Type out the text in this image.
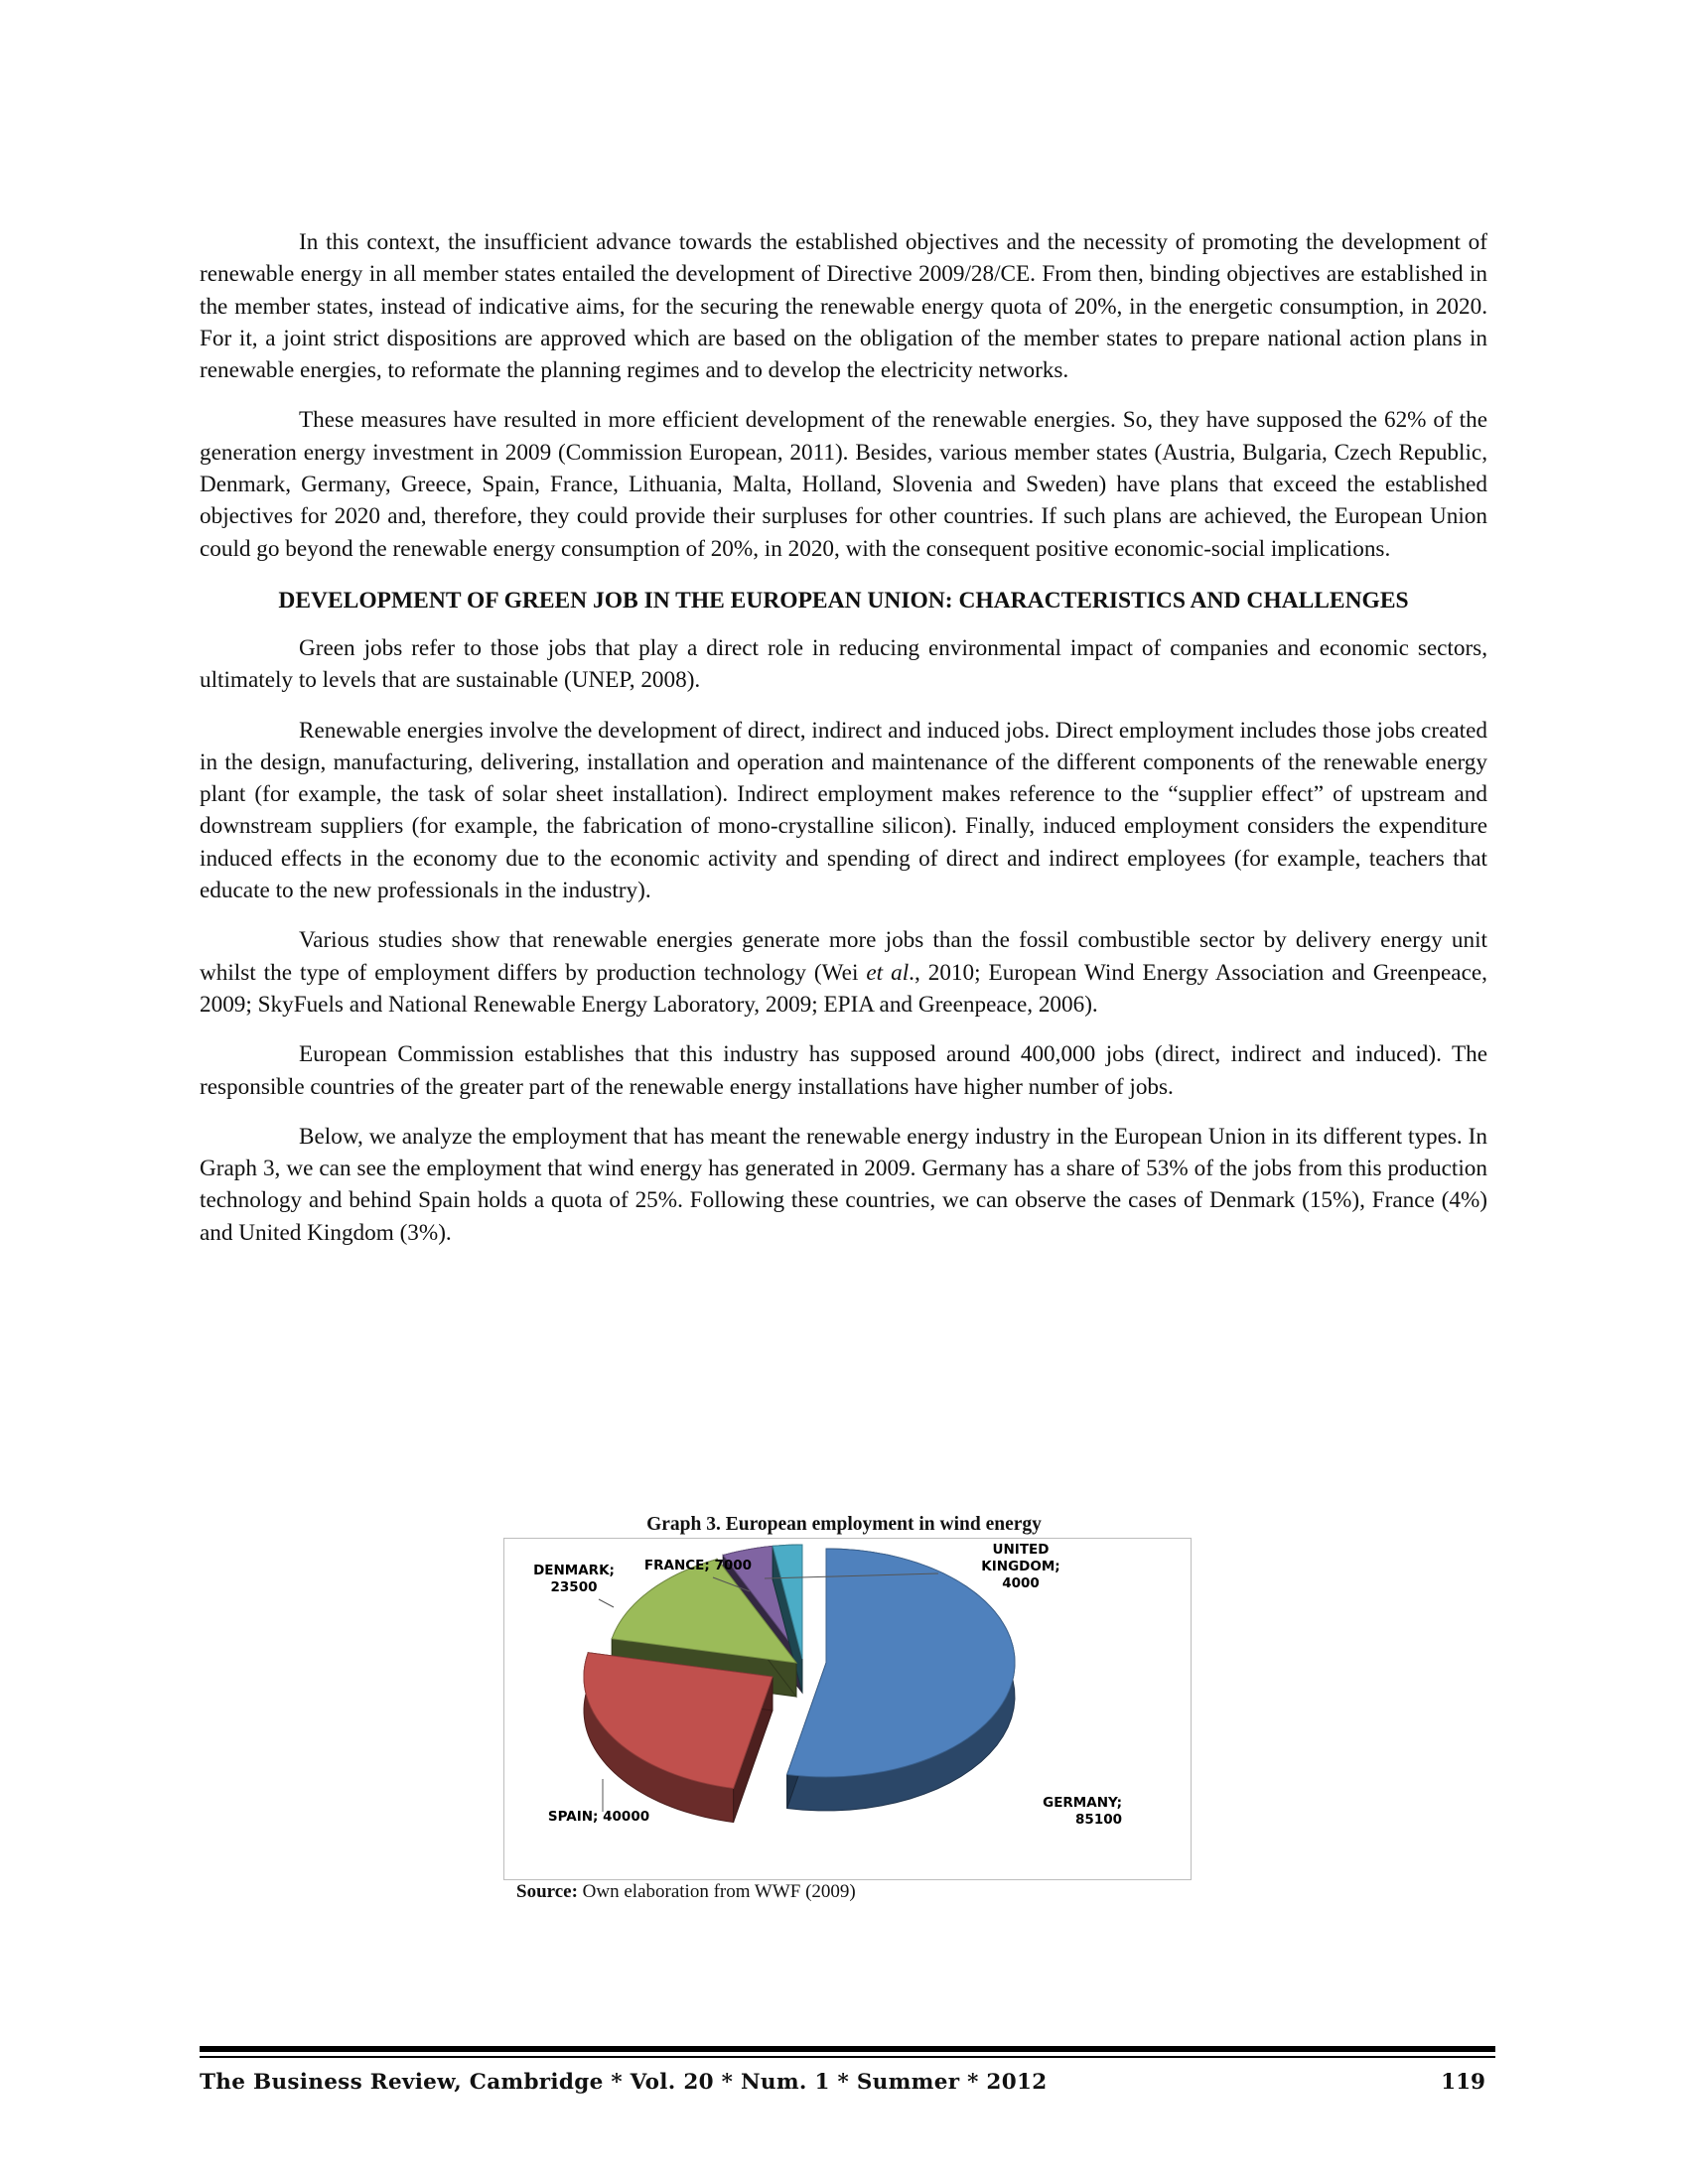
In this context, the insufficient advance towards the established objectives and the necessity of promoting the development of renewable energy in all member states entailed the development of Directive 2009/28/CE. From then, binding objectives are established in the member states, instead of indicative aims, for the securing the renewable energy quota of 20%, in the energetic consumption, in 2020. For it, a joint strict dispositions are approved which are based on the obligation of the member states to prepare national action plans in renewable energies, to reformate the planning regimes and to develop the electricity networks.

These measures have resulted in more efficient development of the renewable energies. So, they have supposed the 62% of the generation energy investment in 2009 (Commission European, 2011). Besides, various member states (Austria, Bulgaria, Czech Republic, Denmark, Germany, Greece, Spain, France, Lithuania, Malta, Holland, Slovenia and Sweden) have plans that exceed the established objectives for 2020 and, therefore, they could provide their surpluses for other countries. If such plans are achieved, the European Union could go beyond the renewable energy consumption of 20%, in 2020, with the consequent positive economic-social implications.

DEVELOPMENT OF GREEN JOB IN THE EUROPEAN UNION: CHARACTERISTICS AND CHALLENGES

Green jobs refer to those jobs that play a direct role in reducing environmental impact of companies and economic sectors, ultimately to levels that are sustainable (UNEP, 2008).

Renewable energies involve the development of direct, indirect and induced jobs. Direct employment includes those jobs created in the design, manufacturing, delivering, installation and operation and maintenance of the different components of the renewable energy plant (for example, the task of solar sheet installation). Indirect employment makes reference to the “supplier effect” of upstream and downstream suppliers (for example, the fabrication of mono-crystalline silicon). Finally, induced employment considers the expenditure induced effects in the economy due to the economic activity and spending of direct and indirect employees (for example, teachers that educate to the new professionals in the industry).

Various studies show that renewable energies generate more jobs than the fossil combustible sector by delivery energy unit whilst the type of employment differs by production technology (Wei et al., 2010; European Wind Energy Association and Greenpeace, 2009; SkyFuels and National Renewable Energy Laboratory, 2009; EPIA and Greenpeace, 2006).

European Commission establishes that this industry has supposed around 400,000 jobs (direct, indirect and induced). The responsible countries of the greater part of the renewable energy installations have higher number of jobs.

Below, we analyze the employment that has meant the renewable energy industry in the European Union in its different types. In Graph 3, we can see the employment that wind energy has generated in 2009. Germany has a share of 53% of the jobs from this production technology and behind Spain holds a quota of 25%. Following these countries, we can observe the cases of Denmark (15%), France (4%) and United Kingdom (3%).

Graph 3. European employment in wind energy
GERMANY; 85100
SPAIN; 40000
DENMARK; 23500
FRANCE; 7000
UNITED KINGDOM; 4000
Source: Own elaboration from WWF (2009)
The Business Review, Cambridge * Vol. 20 * Num. 1 * Summer * 2012	119
